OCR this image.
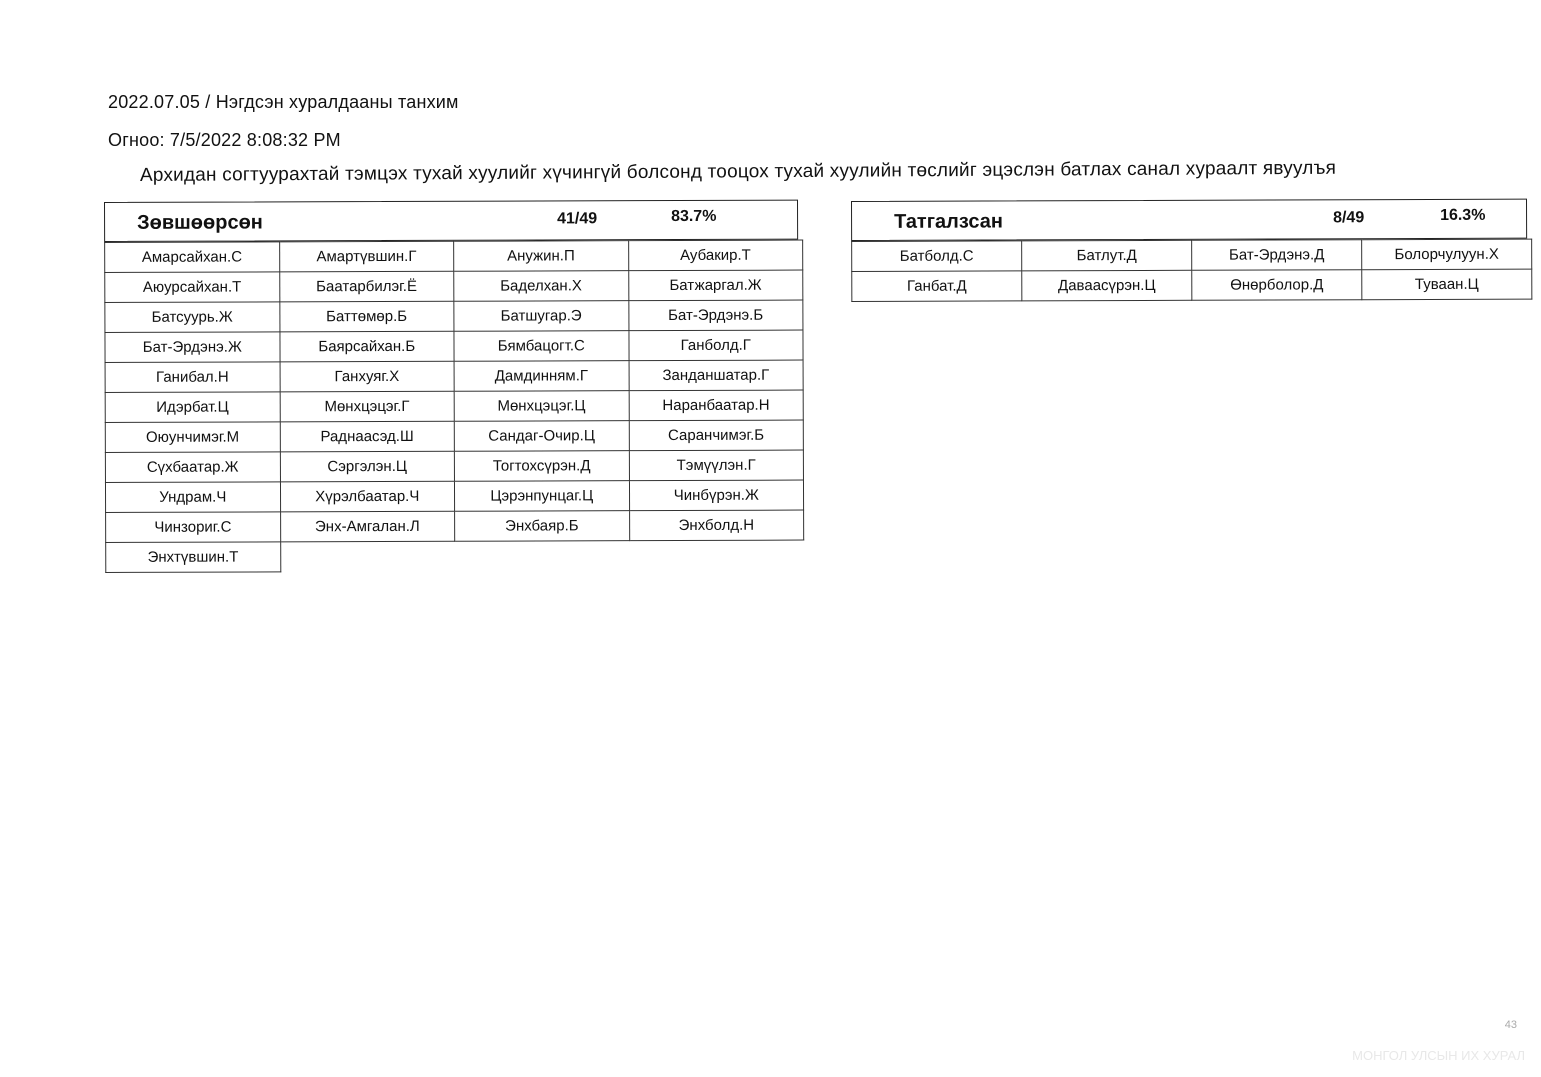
2022.07.05 / Нэгдсэн хуралдааны танхим
Огноо: 7/5/2022 8:08:32 PM
Архидан согтуурахтай тэмцэх тухай хуулийг хүчингүй болсонд тооцох тухай хуулийн төслийг эцэслэн батлах санал хураалт явуулъя
Зөвшөөрсөн	41/49	83.7%
Амарсайхан.С	Амартүвшин.Г	Анужин.П	Аубакир.Т
Аюурсайхан.Т	Баатарбилэг.Ё	Баделхан.Х	Батжаргал.Ж
Батсуурь.Ж	Баттөмөр.Б	Батшугар.Э	Бат-Эрдэнэ.Б
Бат-Эрдэнэ.Ж	Баярсайхан.Б	Бямбацогт.С	Ганболд.Г
Ганибал.Н	Ганхуяг.Х	Дамдинням.Г	Занданшатар.Г
Идэрбат.Ц	Мөнхцэцэг.Г	Мөнхцэцэг.Ц	Наранбаатар.Н
Оюунчимэг.М	Раднаасэд.Ш	Сандаг-Очир.Ц	Саранчимэг.Б
Сүхбаатар.Ж	Сэргэлэн.Ц	Тогтохсүрэн.Д	Тэмүүлэн.Г
Ундрам.Ч	Хүрэлбаатар.Ч	Цэрэнпунцаг.Ц	Чинбүрэн.Ж
Чинзориг.С	Энх-Амгалан.Л	Энхбаяр.Б	Энхболд.Н
Энхтүвшин.Т			
Татгалзсан	8/49	16.3%
Батболд.С	Батлут.Д	Бат-Эрдэнэ.Д	Болорчулуун.Х
Ганбат.Д	Даваасүрэн.Ц	Өнөрболор.Д	Туваан.Ц
43
МОНГОЛ УЛСЫН ИХ ХУРАЛ
